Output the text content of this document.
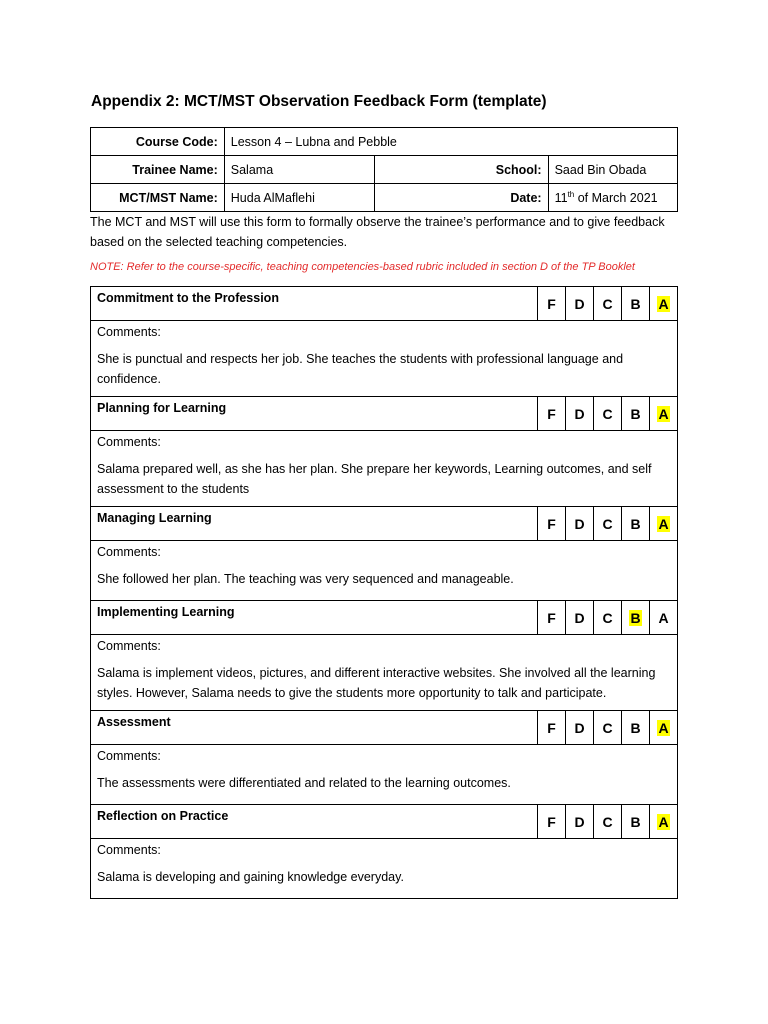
Appendix 2: MCT/MST Observation Feedback Form (template)
Course Code:	Lesson 4 – Lubna and Pebble		
Trainee Name:	Salama	School:	Saad Bin Obada
MCT/MST Name:	Huda AlMaflehi	Date:	11th of March 2021

The MCT and MST will use this form to formally observe the trainee’s performance and to give feedback based on the selected teaching competencies.

NOTE: Refer to the course-specific, teaching competencies-based rubric included in section D of the TP Booklet

Commitment to the Profession	F	D	C	B	A

Comments:
She is punctual and respects her job. She teaches the students with professional language and confidence.					

Planning for Learning	F	D	C	B	A

Comments:
Salama prepared well, as she has her plan. She prepare her keywords, Learning outcomes, and self assessment to the students					

Managing Learning	F	D	C	B	A

Comments:
She followed her plan. The teaching was very sequenced and manageable.					

Implementing Learning	F	D	C	B	A

Comments:
Salama is implement videos, pictures, and different interactive websites. She involved all the learning styles. However, Salama needs to give the students more opportunity to talk and participate.					

Assessment	F	D	C	B	A

Comments:
The assessments were differentiated and related to the learning outcomes.					

Reflection on Practice	F	D	C	B	A

Comments:
Salama is developing and gaining knowledge everyday.					
